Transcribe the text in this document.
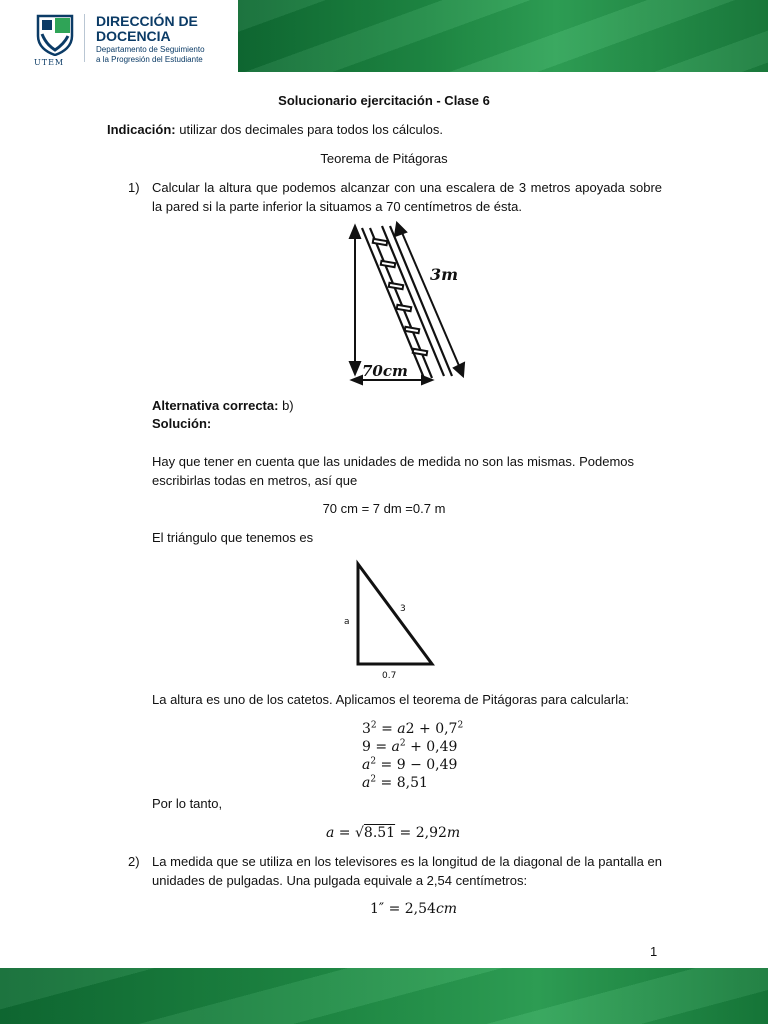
UTEM
DIRECCIÓN DE
DOCENCIA
Departamento de Seguimiento
a la Progresión del Estudiante
Solucionario ejercitación - Clase 6
Indicación: utilizar dos decimales para todos los cálculos.
Teorema de Pitágoras
1) Calcular la altura que podemos alcanzar con una escalera de 3 metros apoyada sobre la pared si la parte inferior la situamos a 70 centímetros de ésta.
3m
70cm
Alternativa correcta: b)
Solución:
Hay que tener en cuenta que las unidades de medida no son las mismas. Podemos escribirlas todas en metros, así que
70 cm = 7 dm =0.7 m
El triángulo que tenemos es
a
3
0.7
La altura es uno de los catetos. Aplicamos el teorema de Pitágoras para calcularla:
$3^2 = a2 + 0,7^2$
$9 = a^2 + 0,49$
$a^2 = 9 - 0,49$
$a^2 = 8,51$
Por lo tanto,
a = √8.51 = 2,92m
2) La medida que se utiliza en los televisores es la longitud de la diagonal de la pantalla en unidades de pulgadas. Una pulgada equivale a 2,54 centímetros:
1″ = 2,54cm
1
